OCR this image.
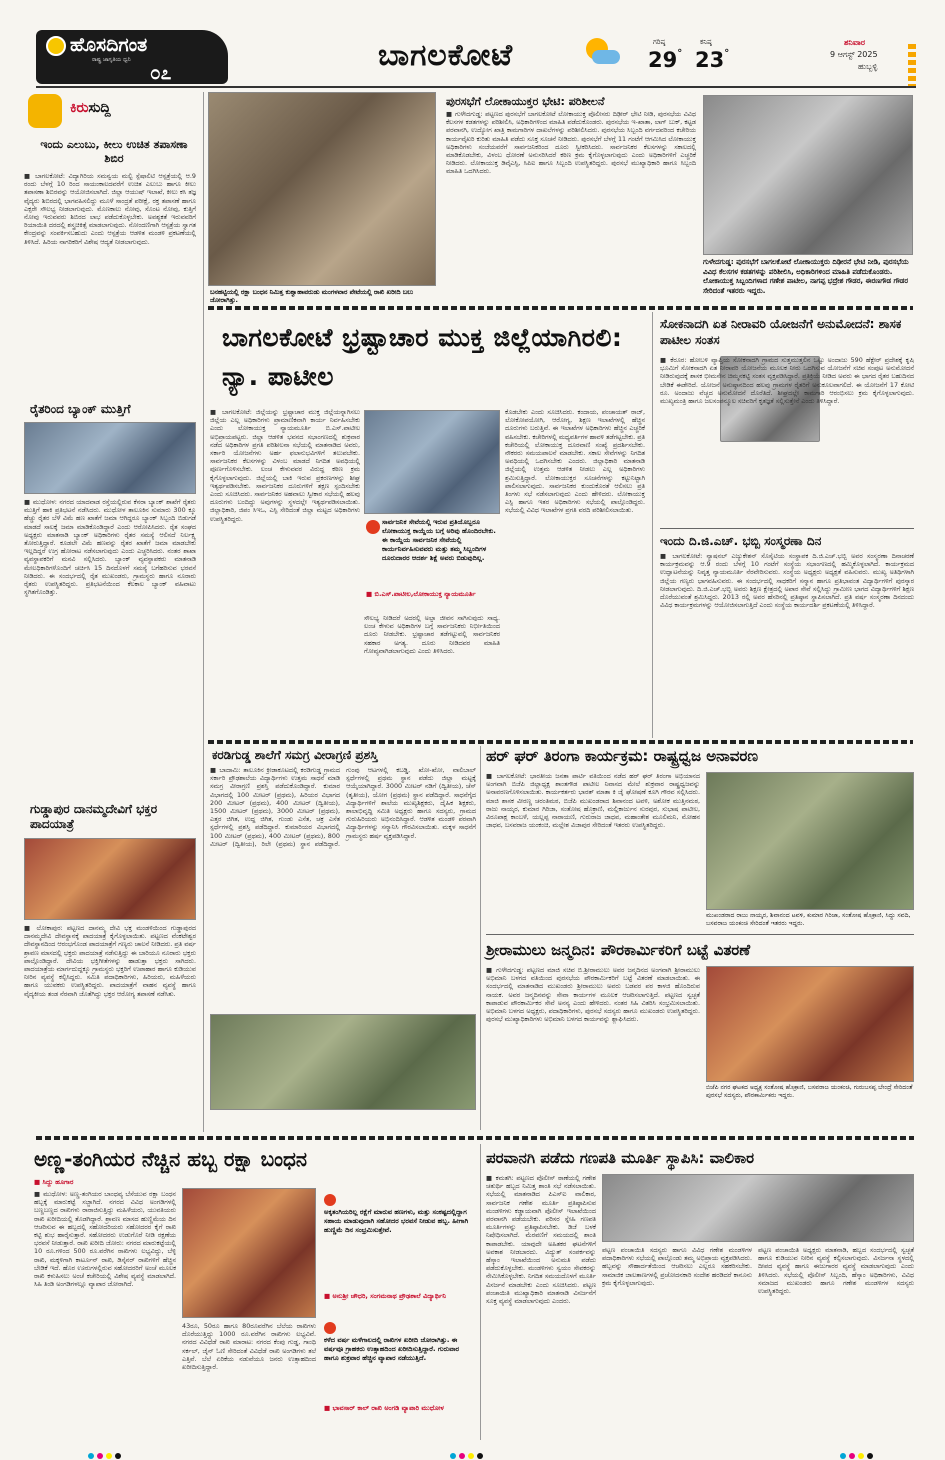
ಹೊಸದಿಗಂತ
ರಾಷ್ಟ್ರ ಜಾಗೃತಿಯ ಧ್ವನಿ
೦೭	ಬಾಗಲಕೋಟೆ	ಗರಿಷ್ಠ
29°
ಕನಿಷ್ಠ
23°
ಶನಿವಾರ
9 ಆಗಸ್ಟ್ 2025
ಹುಬ್ಬಳ್ಳಿ
ಕಿರುಸುದ್ದಿ
ಇಂದು ಎಲುಬು, ಕೀಲು ಉಚಿತ ತಪಾಸಣಾ ಶಿಬಿರ
■ ಬಾಗಲಕೋಟೆ: ವಿದ್ಯಾಗಿರಿಯ ಸಮನ್ವಯ ಮಲ್ಟಿ ಸ್ಪೆಷಾಲಿಟಿ ಆಸ್ಪತ್ರೆಯಲ್ಲಿ ಆ.9 ರಂದು ಬೆಳಗ್ಗೆ 10 ರಿಂದ ಸಾಯಂಕಾಲದವರೆಗೆ ಉಚಿತ ಎಲುಬು ಹಾಗೂ ಕೀಲು ತಪಾಸಣಾ ಶಿಬಿರವನ್ನು ಆಯೋಜಿಸಲಾಗಿದೆ. ಜಿಲ್ಲಾ ಆಯುಷ್ ಇಲಾಖೆ, ಕೀಲು ಕಸಿ ತಜ್ಞ ವೈದ್ಯರು ಶಿಬಿರದಲ್ಲಿ ಭಾಗವಹಿಸಲಿದ್ದು ಮೂಳೆ ಸಾಂದ್ರತೆ ಪರೀಕ್ಷೆ, ರಕ್ತ ತಪಾಸಣೆ ಹಾಗೂ ಎಕ್ಸರೇ ಸೌಲಭ್ಯ ನೀಡಲಾಗುವುದು. ಮೊಣಕಾಲು ನೋವು, ಸೊಂಟ ನೋವು, ಕುತ್ತಿಗೆ ನೋವು ಇರುವವರು ಶಿಬಿರದ ಲಾಭ ಪಡೆದುಕೊಳ್ಳಬೇಕು. ಅವಶ್ಯಕತೆ ಇರುವವರಿಗೆ ರಿಯಾಯಿತಿ ದರದಲ್ಲಿ ಶಸ್ತ್ರಚಿಕಿತ್ಸೆ ಮಾಡಲಾಗುವುದು. ನೋಂದಣಿಗಾಗಿ ಆಸ್ಪತ್ರೆಯ ಸ್ವಾಗತ ಕೇಂದ್ರವನ್ನು ಸಂಪರ್ಕಿಸಬಹುದು ಎಂದು ಆಸ್ಪತ್ರೆಯ ಆಡಳಿತ ಮಂಡಳಿ ಪ್ರಕಟಣೆಯಲ್ಲಿ ತಿಳಿಸಿದೆ. ಹಿರಿಯ ನಾಗರಿಕರಿಗೆ ವಿಶೇಷ ಆದ್ಯತೆ ನೀಡಲಾಗುವುದು.
ರೈತರಿಂದ ಬ್ಯಾಂಕ್ ಮುತ್ತಿಗೆ
■ ಮುಧೋಳ: ನಗರದ ಯಾದವಾಡ ರಸ್ತೆಯಲ್ಲಿರುವ ಕೆನರಾ ಬ್ಯಾಂಕ್ ಶಾಖೆಗೆ ರೈತರು ಮುತ್ತಿಗೆ ಹಾಕಿ ಪ್ರತಿಭಟನೆ ನಡೆಸಿದರು. ಮುಧೋಳ ತಾಲೂಕಿನ ಸುಮಾರು 300 ಕ್ಕೂ ಹೆಚ್ಚು ರೈತರ ಬೆಳೆ ವಿಮೆ ಹಣ ಖಾತೆಗೆ ಜಮಾ ಆಗಿದ್ದರೂ ಬ್ಯಾಂಕ್ ಸಿಬ್ಬಂದಿ ಬಿಡುಗಡೆ ಮಾಡದೆ ಸಾಲಕ್ಕೆ ಜಮಾ ಮಾಡಿಕೊಂಡಿದ್ದಾರೆ ಎಂದು ಆರೋಪಿಸಿದರು. ರೈತ ಸಂಘದ ಅಧ್ಯಕ್ಷರು ಮಾತನಾಡಿ ಬ್ಯಾಂಕ್ ಅಧಿಕಾರಿಗಳು ರೈತರ ಸಮಸ್ಯೆ ಆಲಿಸದೆ ನಿರ್ಲಕ್ಷ್ಯ ತೋರುತ್ತಿದ್ದಾರೆ. ಕೂಡಲೇ ವಿಮೆ ಹಣವನ್ನು ರೈತರ ಖಾತೆಗೆ ಜಮಾ ಮಾಡಬೇಕು ಇಲ್ಲದಿದ್ದರೆ ಉಗ್ರ ಹೋರಾಟ ನಡೆಸಲಾಗುವುದು ಎಂದು ಎಚ್ಚರಿಸಿದರು. ನಂತರ ಶಾಖಾ ವ್ಯವಸ್ಥಾಪಕರಿಗೆ ಮನವಿ ಸಲ್ಲಿಸಿದರು. ಬ್ಯಾಂಕ್ ವ್ಯವಸ್ಥಾಪಕರು ಮಾತನಾಡಿ ಮೇಲಧಿಕಾರಿಗಳೊಂದಿಗೆ ಚರ್ಚಿಸಿ 15 ದಿನದೊಳಗೆ ಸಮಸ್ಯೆ ಬಗೆಹರಿಸುವ ಭರವಸೆ ನೀಡಿದರು. ಈ ಸಂದರ್ಭದಲ್ಲಿ ರೈತ ಮುಖಂಡರು, ಗ್ರಾಮಸ್ಥರು ಹಾಗೂ ನೂರಾರು ರೈತರು ಉಪಸ್ಥಿತರಿದ್ದರು. ಪ್ರತಿಭಟನೆಯಿಂದ ಕೆಲಕಾಲ ಬ್ಯಾಂಕ್ ವಹಿವಾಟು ಸ್ಥಗಿತಗೊಂಡಿತ್ತು.
ಗುಡ್ಡಾಪುರ ದಾನಮ್ಮದೇವಿಗೆ ಭಕ್ತರ ಪಾದಯಾತ್ರೆ
■ ಲೋಕಾಪುರ: ಪಟ್ಟಣದ ದಾನಮ್ಮ ದೇವಿ ಭಕ್ತ ಮಂಡಳಿಯಿಂದ ಗುಡ್ಡಾಪುರದ ದಾನಮ್ಮದೇವಿ ದೇವಸ್ಥಾನಕ್ಕೆ ಪಾದಯಾತ್ರೆ ಕೈಗೊಳ್ಳಲಾಯಿತು. ಪಟ್ಟಣದ ವೆಂಕಟೇಶ್ವರ ದೇವಸ್ಥಾನದಿಂದ ಆರಂಭಗೊಂಡ ಪಾದಯಾತ್ರೆಗೆ ಗಣ್ಯರು ಚಾಲನೆ ನೀಡಿದರು. ಪ್ರತಿ ವರ್ಷ ಶ್ರಾವಣ ಮಾಸದಲ್ಲಿ ಭಕ್ತರು ಪಾದಯಾತ್ರೆ ನಡೆಸುತ್ತಿದ್ದು ಈ ಬಾರಿಯೂ ನೂರಾರು ಭಕ್ತರು ಪಾಲ್ಗೊಂಡಿದ್ದಾರೆ. ದೇವಿಯ ಭಕ್ತಿಗೀತೆಗಳನ್ನು ಹಾಡುತ್ತಾ ಭಕ್ತರು ಸಾಗಿದರು. ಪಾದಯಾತ್ರೆಯ ಮಾರ್ಗದುದ್ದಕ್ಕೂ ಗ್ರಾಮಸ್ಥರು ಭಕ್ತರಿಗೆ ಉಪಾಹಾರ ಹಾಗೂ ಕುಡಿಯುವ ನೀರಿನ ವ್ಯವಸ್ಥೆ ಕಲ್ಪಿಸಿದ್ದರು. ಸಮಿತಿ ಪದಾಧಿಕಾರಿಗಳು, ಹಿರಿಯರು, ಮಹಿಳೆಯರು ಹಾಗೂ ಯುವಕರು ಉಪಸ್ಥಿತರಿದ್ದರು. ಪಾದಯಾತ್ರೆಗೆ ವಾಹನ ವ್ಯವಸ್ಥೆ ಹಾಗೂ ವೈದ್ಯಕೀಯ ತಂಡ ನೆರವಾಗಿ ಜೊತೆಗಿದ್ದು ಭಕ್ತರ ಆರೋಗ್ಯ ತಪಾಸಣೆ ನಡೆಸಿತು.
ಬನಹಟ್ಟಿಯಲ್ಲಿ ರಕ್ಷಾ ಬಂಧನ ನಿಮಿತ್ತ ಕುಶ್ವಾಹಾವರುಡು ಮಂಗಳವಾರ ಪೇಟೆಯಲ್ಲಿ ರಾಖಿ ಖರೀದಿ ಬಲು ಜೋರಾಗಿತ್ತು.
ಪುರಸಭೆಗೆ ಲೋಕಾಯುಕ್ತರ ಭೇಟಿ: ಪರಿಶೀಲನೆ
■ ಗುಳೇದಗುಡ್ಡ: ಪಟ್ಟಣದ ಪುರಸಭೆಗೆ ಬಾಗಲಕೋಟೆ ಲೋಕಾಯುಕ್ತ ಪೊಲೀಸರು ದಿಢೀರ್ ಭೇಟಿ ನೀಡಿ, ಪುರಸಭೆಯ ವಿವಿಧ ಕೆಲಸಗಳ ಕಡತಗಳನ್ನು ಪರಿಶೀಲಿಸಿ, ಅಧಿಕಾರಿಗಳಿಂದ ಮಾಹಿತಿ ಪಡೆದುಕೊಂಡರು. ಪುರಸಭೆಯ ಇ-ಖಾತಾ, ಲಾಗ್ ಬುಕ್, ಕಟ್ಟಡ ಪರವಾನಗಿ, ಉದ್ಯೋಗ ಖಾತ್ರಿ ಕಾಮಗಾರಿಗಳ ದಾಖಲೆಗಳನ್ನು ಪರಿಶೀಲಿಸಿದರು. ಪುರಸಭೆಯ ಸಿಬ್ಬಂದಿ ವರ್ಗದವರಿಂದ ಕಚೇರಿಯ ಕಾರ್ಯವೈಖರಿ ಕುರಿತು ಮಾಹಿತಿ ಪಡೆದು ಸೂಕ್ತ ಸೂಚನೆ ನೀಡಿದರು. ಪುರಸಭೆಗೆ ಬೆಳಗ್ಗೆ 11 ಗಂಟೆಗೆ ಆಗಮಿಸಿದ ಲೋಕಾಯುಕ್ತ ಅಧಿಕಾರಿಗಳು ಸಂಜೆಯವರೆಗೆ ಸಾರ್ವಜನಿಕರಿಂದ ದೂರು ಸ್ವೀಕರಿಸಿದರು. ಸಾರ್ವಜನಿಕರ ಕೆಲಸಗಳನ್ನು ಸಕಾಲದಲ್ಲಿ ಮಾಡಿಕೊಡಬೇಕು, ವಿಳಂಬ ಧೋರಣೆ ಅನುಸರಿಸಿದರೆ ಕಠಿಣ ಕ್ರಮ ಕೈಗೊಳ್ಳಲಾಗುವುದು ಎಂದು ಅಧಿಕಾರಿಗಳಿಗೆ ಎಚ್ಚರಿಕೆ ನೀಡಿದರು. ಲೋಕಾಯುಕ್ತ ಡಿವೈಎಸ್ಪಿ, ಸಿಪಿಐ ಹಾಗೂ ಸಿಬ್ಬಂದಿ ಉಪಸ್ಥಿತರಿದ್ದರು. ಪುರಸಭೆ ಮುಖ್ಯಾಧಿಕಾರಿ ಹಾಗೂ ಸಿಬ್ಬಂದಿ ಮಾಹಿತಿ ಒದಗಿಸಿದರು.
ಗುಳೇದಗುಡ್ಡ: ಪುರಸಭೆಗೆ ಬಾಗಲಕೋಟೆ ಲೋಕಾಯುಕ್ತರು ದಿಢೀರನೆ ಭೇಟಿ ನೀಡಿ, ಪುರಸಭೆಯ ವಿವಿಧ ಕೆಲಸಗಳ ಕಡತಗಳನ್ನು ಪರಿಶೀಲಿಸಿ, ಅಧಿಕಾರಿಗಳಿಂದ ಮಾಹಿತಿ ಪಡೆದುಕೊಂಡರು. ಲೋಕಾಯುಕ್ತ ಸಿಬ್ಬಂದಿಗಳಾದ ಗಣೇಶ ಪಾಟೀಲ, ನಾಗಪ್ಪ ಭದ್ರೇಶ ಗೌಡರ, ಈರಣಗೌಡ ಗೌಡರ ಸೇರಿದಂತೆ ಇತರರು ಇದ್ದರು.
ಬಾಗಲಕೋಟೆ ಭ್ರಷ್ಟಾಚಾರ ಮುಕ್ತ ಜಿಲ್ಲೆಯಾಗಿರಲಿ: ನ್ಯಾ. ಪಾಟೀಲ
■ ಬಾಗಲಕೋಟೆ: ಜಿಲ್ಲೆಯನ್ನು ಭ್ರಷ್ಟಾಚಾರ ಮುಕ್ತ ಜಿಲ್ಲೆಯನ್ನಾಗಿಸಲು ಜಿಲ್ಲೆಯ ಎಲ್ಲ ಅಧಿಕಾರಿಗಳು ಪ್ರಾಮಾಣಿಕವಾಗಿ ಕಾರ್ಯ ನಿರ್ವಹಿಸಬೇಕು ಎಂದು ಲೋಕಾಯುಕ್ತ ನ್ಯಾಯಮೂರ್ತಿ ಬಿ.ಎಸ್.ಪಾಟೀಲ ಅಭಿಪ್ರಾಯಪಟ್ಟರು. ಜಿಲ್ಲಾ ಆಡಳಿತ ಭವನದ ಸಭಾಂಗಣದಲ್ಲಿ ಶುಕ್ರವಾರ ನಡೆದ ಅಧಿಕಾರಿಗಳ ಪ್ರಗತಿ ಪರಿಶೀಲನಾ ಸಭೆಯಲ್ಲಿ ಮಾತನಾಡಿದ ಅವರು, ಸರ್ಕಾರಿ ಯೋಜನೆಗಳು ಅರ್ಹ ಫಲಾನುಭವಿಗಳಿಗೆ ತಲುಪಬೇಕು. ಸಾರ್ವಜನಿಕರ ಕೆಲಸಗಳನ್ನು ವಿಳಂಬ ಮಾಡದೆ ನಿಗದಿತ ಅವಧಿಯಲ್ಲಿ ಪೂರ್ಣಗೊಳಿಸಬೇಕು. ಲಂಚ ಕೇಳುವವರ ವಿರುದ್ಧ ಕಠಿಣ ಕ್ರಮ ಕೈಗೊಳ್ಳಲಾಗುವುದು. ಜಿಲ್ಲೆಯಲ್ಲಿ ಬಾಕಿ ಇರುವ ಪ್ರಕರಣಗಳನ್ನು ಶೀಘ್ರ ಇತ್ಯರ್ಥಪಡಿಸಬೇಕು. ಸಾರ್ವಜನಿಕರ ದೂರುಗಳಿಗೆ ತಕ್ಷಣ ಸ್ಪಂದಿಸಬೇಕು ಎಂದು ಸೂಚಿಸಿದರು. ಸಾರ್ವಜನಿಕರ ಅಹವಾಲು ಸ್ವೀಕಾರ ಸಭೆಯಲ್ಲಿ ಹಲವು ದೂರುಗಳು ಬಂದಿದ್ದು ಅವುಗಳನ್ನು ಸ್ಥಳದಲ್ಲೇ ಇತ್ಯರ್ಥಪಡಿಸಲಾಯಿತು. ಜಿಲ್ಲಾಧಿಕಾರಿ, ಜಿಪಂ ಸಿಇಒ, ಎಸ್ಪಿ ಸೇರಿದಂತೆ ಜಿಲ್ಲಾ ಮಟ್ಟದ ಅಧಿಕಾರಿಗಳು ಉಪಸ್ಥಿತರಿದ್ದರು.	ಸಾರ್ವಜನಿಕ ಸೇವೆಯಲ್ಲಿ ಇರುವ ಪ್ರತಿಯೊಬ್ಬರೂ ಲೋಕಾಯುಕ್ತ ಕಾಯ್ದೆಯ ಬಗ್ಗೆ ಅರಿವು ಹೊಂದಿರಬೇಕು. ಈ ಕಾಯ್ದೆಯ ಸಾರ್ವಜನಿಕ ಸೇವೆಯಲ್ಲಿ ಕಾರ್ಯನಿರ್ವಹಿಸುವವರು ಮತ್ತು ತಮ್ಮ ಸಿಬ್ಬಂದಿಗಳ ದೂರುದಾರರ ಆದರ್ಶ ಶಿಕ್ಷೆ ಅವರು ಬಿಡುವುದಿಲ್ಲ.
■ ಬಿ.ಎಸ್.ಪಾಟೀಲ,ಲೋಕಾಯುಕ್ತ ನ್ಯಾಯಮೂರ್ತಿ
ಸೌಲಭ್ಯ ನೀಡಿದರೆ ಅದರಲ್ಲಿ ಅಲ್ಪಾ ಜೀವನ ಸಾಗಿಸುವುದು ಸಾಧ್ಯ. ಲಂಚ ಕೇಳುವ ಅಧಿಕಾರಿಗಳ ಬಗ್ಗೆ ಸಾರ್ವಜನಿಕರು ನಿರ್ಭೀತಿಯಿಂದ ದೂರು ನೀಡಬೇಕು. ಭ್ರಷ್ಟಾಚಾರ ತಡೆಗಟ್ಟುವಲ್ಲಿ ಸಾರ್ವಜನಿಕರ ಸಹಕಾರ ಅಗತ್ಯ. ದೂರು ನೀಡಿದವರ ಮಾಹಿತಿ ಗೋಪ್ಯವಾಗಿಡಲಾಗುವುದು ಎಂದು ತಿಳಿಸಿದರು.
ಕೊಡಬೇಕು ಎಂದು ಸೂಚಿಸಿದರು. ಕಂದಾಯ, ಪಂಚಾಯತ್ ರಾಜ್, ಲೋಕೋಪಯೋಗಿ, ಆರೋಗ್ಯ, ಶಿಕ್ಷಣ ಇಲಾಖೆಗಳಲ್ಲಿ ಹೆಚ್ಚಿನ ದೂರುಗಳು ಬರುತ್ತಿವೆ. ಈ ಇಲಾಖೆಗಳ ಅಧಿಕಾರಿಗಳು ಹೆಚ್ಚಿನ ಎಚ್ಚರಿಕೆ ವಹಿಸಬೇಕು. ಕಚೇರಿಗಳಲ್ಲಿ ಮಧ್ಯವರ್ತಿಗಳ ಹಾವಳಿ ತಡೆಗಟ್ಟಬೇಕು. ಪ್ರತಿ ಕಚೇರಿಯಲ್ಲಿ ಲೋಕಾಯುಕ್ತ ದೂರವಾಣಿ ಸಂಖ್ಯೆ ಪ್ರದರ್ಶಿಸಬೇಕು. ನೌಕರರು ಸಮಯಪಾಲನೆ ಮಾಡಬೇಕು. ಸಕಾಲ ಸೇವೆಗಳನ್ನು ನಿಗದಿತ ಅವಧಿಯಲ್ಲಿ ಒದಗಿಸಬೇಕು ಎಂದರು. ಜಿಲ್ಲಾಧಿಕಾರಿ ಮಾತನಾಡಿ ಜಿಲ್ಲೆಯಲ್ಲಿ ಉತ್ತಮ ಆಡಳಿತ ನೀಡಲು ಎಲ್ಲ ಅಧಿಕಾರಿಗಳು ಶ್ರಮಿಸುತ್ತಿದ್ದಾರೆ. ಲೋಕಾಯುಕ್ತರ ಸೂಚನೆಗಳನ್ನು ಕಟ್ಟುನಿಟ್ಟಾಗಿ ಪಾಲಿಸಲಾಗುವುದು. ಸಾರ್ವಜನಿಕರ ಕುಂದುಕೊರತೆ ಆಲಿಸಲು ಪ್ರತಿ ತಿಂಗಳು ಸಭೆ ನಡೆಸಲಾಗುವುದು ಎಂದು ಹೇಳಿದರು. ಲೋಕಾಯುಕ್ತ ಎಸ್ಪಿ ಹಾಗೂ ಇತರ ಅಧಿಕಾರಿಗಳು ಸಭೆಯಲ್ಲಿ ಪಾಲ್ಗೊಂಡಿದ್ದರು. ಸಭೆಯಲ್ಲಿ ವಿವಿಧ ಇಲಾಖೆಗಳ ಪ್ರಗತಿ ವರದಿ ಪರಿಶೀಲಿಸಲಾಯಿತು.
ಸೋಕನಾದಗಿ ಏತ ನೀರಾವರಿ ಯೋಜನೆಗೆ ಅನುಮೋದನೆ: ಶಾಸಕ ಪಾಟೀಲ ಸಂತಸ
■ ಕೆರೂರ: ಹೋಬಳಿ ವ್ಯಾಪ್ತಿಯ ಸೋಕನಾದಗಿ ಗ್ರಾಮದ ಸುತ್ತಮುತ್ತಲಿನ ಒಟ್ಟು ಅಂದಾಜು 590 ಹೆಕ್ಟೇರ್ ಪ್ರದೇಶಕ್ಕೆ ಕೃಷಿ ಭೂಮಿಗೆ ಸೋಕನಾದಗಿ ಏತ ನೀರಾವರಿ ಯೋಜನೆಯ ಮೂಲಕ ನೀರು ಒದಗಿಸುವ ಯೋಜನೆಗೆ ಸಚಿವ ಸಂಪುಟ ಅನುಮೋದನೆ ನೀಡಿರುವುದಕ್ಕೆ ಶಾಸಕ ಭೀಮಸೇನ ಚಿಮ್ಮನಕಟ್ಟಿ ಸಂತಸ ವ್ಯಕ್ತಪಡಿಸಿದ್ದಾರೆ. ಪ್ರತಿಕ್ರಿಯೆ ನೀಡಿದ ಅವರು ಈ ಭಾಗದ ರೈತರ ಬಹುದಿನದ ಬೇಡಿಕೆ ಈಡೇರಿದೆ. ಯೋಜನೆ ಅನುಷ್ಠಾನದಿಂದ ಹಲವು ಗ್ರಾಮಗಳ ರೈತರಿಗೆ ಅನುಕೂಲವಾಗಲಿದೆ. ಈ ಯೋಜನೆಗೆ 17 ಕೋಟಿ ರೂ. ಅಂದಾಜು ವೆಚ್ಚದ ಅನುಮೋದನೆ ದೊರೆತಿದೆ. ಶೀಘ್ರದಲ್ಲೇ ಕಾಮಗಾರಿ ಆರಂಭಿಸಲು ಕ್ರಮ ಕೈಗೊಳ್ಳಲಾಗುವುದು. ಮುಖ್ಯಮಂತ್ರಿ ಹಾಗೂ ಜಲಸಂಪನ್ಮೂಲ ಸಚಿವರಿಗೆ ಕೃತಜ್ಞತೆ ಸಲ್ಲಿಸುತ್ತೇನೆ ಎಂದು ತಿಳಿಸಿದ್ದಾರೆ.
ಇಂದು ದಿ.ಜಿ.ಎಚ್. ಭಬ್ಬಿ ಸಂಸ್ಮರಣಾ ದಿನ
■ ಬಾಗಲಕೋಟೆ: ನ್ಯಾಷನಲ್ ಎಜ್ಯುಕೇಶನ್ ಸೊಸೈಟಿಯ ಸಂಸ್ಥಾಪಕ ದಿ.ಜಿ.ಎಚ್.ಭಬ್ಬಿ ಅವರ ಸಂಸ್ಮರಣಾ ದಿನಾಚರಣೆ ಕಾರ್ಯಕ್ರಮವನ್ನು ಆ.9 ರಂದು ಬೆಳಗ್ಗೆ 10 ಗಂಟೆಗೆ ಸಂಸ್ಥೆಯ ಸಭಾಂಗಣದಲ್ಲಿ ಹಮ್ಮಿಕೊಳ್ಳಲಾಗಿದೆ. ಕಾರ್ಯಕ್ರಮದ ಉದ್ಘಾಟನೆಯನ್ನು ನಿವೃತ್ತ ನ್ಯಾಯಮೂರ್ತಿ ನೆರವೇರಿಸುವರು. ಸಂಸ್ಥೆಯ ಅಧ್ಯಕ್ಷರು ಅಧ್ಯಕ್ಷತೆ ವಹಿಸುವರು. ಮುಖ್ಯ ಅತಿಥಿಗಳಾಗಿ ಜಿಲ್ಲೆಯ ಗಣ್ಯರು ಭಾಗವಹಿಸುವರು. ಈ ಸಂದರ್ಭದಲ್ಲಿ ಸಾಧಕರಿಗೆ ಸನ್ಮಾನ ಹಾಗೂ ಪ್ರತಿಭಾವಂತ ವಿದ್ಯಾರ್ಥಿಗಳಿಗೆ ಪುರಸ್ಕಾರ ನೀಡಲಾಗುವುದು. ದಿ.ಜಿ.ಎಚ್.ಭಬ್ಬಿ ಅವರು ಶಿಕ್ಷಣ ಕ್ಷೇತ್ರದಲ್ಲಿ ಅಪಾರ ಸೇವೆ ಸಲ್ಲಿಸಿದ್ದು ಗ್ರಾಮೀಣ ಭಾಗದ ವಿದ್ಯಾರ್ಥಿಗಳಿಗೆ ಶಿಕ್ಷಣ ದೊರೆಯುವಂತೆ ಶ್ರಮಿಸಿದ್ದರು. 2013 ರಲ್ಲಿ ಅವರ ಹೆಸರಿನಲ್ಲಿ ಪ್ರತಿಷ್ಠಾನ ಸ್ಥಾಪಿಸಲಾಗಿದೆ. ಪ್ರತಿ ವರ್ಷ ಸಂಸ್ಮರಣಾ ದಿನದಂದು ವಿವಿಧ ಕಾರ್ಯಕ್ರಮಗಳನ್ನು ಆಯೋಜಿಸಲಾಗುತ್ತಿದೆ ಎಂದು ಸಂಸ್ಥೆಯ ಕಾರ್ಯದರ್ಶಿ ಪ್ರಕಟಣೆಯಲ್ಲಿ ತಿಳಿಸಿದ್ದಾರೆ.
ಕರಡಿಗುಡ್ಡ ಶಾಲೆಗೆ ಸಮಗ್ರ ವೀರಾಗ್ರಣಿ ಪ್ರಶಸ್ತಿ
■ ಬಾದಾಮಿ: ತಾಲೂಕಿನ ಕ್ರೀಡಾಕೂಟದಲ್ಲಿ ಕರಡಿಗುಡ್ಡ ಗ್ರಾಮದ ಸರ್ಕಾರಿ ಪ್ರೌಢಶಾಲೆಯ ವಿದ್ಯಾರ್ಥಿಗಳು ಉತ್ತಮ ಸಾಧನೆ ಮಾಡಿ ಸಮಗ್ರ ವೀರಾಗ್ರಣಿ ಪ್ರಶಸ್ತಿ ಪಡೆದುಕೊಂಡಿದ್ದಾರೆ. ಕುಮಾರ ವಿಭಾಗದಲ್ಲಿ 100 ಮೀಟರ್ (ಪ್ರಥಮ), ಹಿರಿಯರ ವಿಭಾಗದ 200 ಮೀಟರ್ (ಪ್ರಥಮ), 400 ಮೀಟರ್ (ದ್ವಿತೀಯ), 1500 ಮೀಟರ್ (ಪ್ರಥಮ), 3000 ಮೀಟರ್ (ಪ್ರಥಮ), ಎತ್ತರ ಜಿಗಿತ, ಉದ್ದ ಜಿಗಿತ, ಗುಂಡು ಎಸೆತ, ಚಕ್ರ ಎಸೆತ ಸ್ಪರ್ಧೆಗಳಲ್ಲಿ ಪ್ರಶಸ್ತಿ ಪಡೆದಿದ್ದಾರೆ. ಕುಮಾರಿಯರ ವಿಭಾಗದಲ್ಲಿ 100 ಮೀಟರ್ (ಪ್ರಥಮ), 400 ಮೀಟರ್ (ಪ್ರಥಮ), 800 ಮೀಟರ್ (ದ್ವಿತೀಯ), ರಿಲೇ (ಪ್ರಥಮ) ಸ್ಥಾನ ಪಡೆದಿದ್ದಾರೆ. ಗುಂಪು ಆಟಗಳಲ್ಲಿ ಕಬಡ್ಡಿ, ಖೋ-ಖೋ, ವಾಲಿಬಾಲ್ ಸ್ಪರ್ಧೆಗಳಲ್ಲಿ ಪ್ರಥಮ ಸ್ಥಾನ ಪಡೆದು ಜಿಲ್ಲಾ ಮಟ್ಟಕ್ಕೆ ಆಯ್ಕೆಯಾಗಿದ್ದಾರೆ. 3000 ಮೀಟರ್ ನಡಿಗೆ (ದ್ವಿತೀಯ), ಚೆಸ್ (ತೃತೀಯ), ಯೋಗ (ಪ್ರಥಮ) ಸ್ಥಾನ ಪಡೆದಿದ್ದಾರೆ. ಸಾಧನೆಗೈದ ವಿದ್ಯಾರ್ಥಿಗಳಿಗೆ ಶಾಲೆಯ ಮುಖ್ಯಶಿಕ್ಷಕರು, ದೈಹಿಕ ಶಿಕ್ಷಕರು, ಶಾಲಾಭಿವೃದ್ಧಿ ಸಮಿತಿ ಅಧ್ಯಕ್ಷರು ಹಾಗೂ ಸದಸ್ಯರು, ಗ್ರಾಮದ ಗುರುಹಿರಿಯರು ಅಭಿನಂದಿಸಿದ್ದಾರೆ. ಆಡಳಿತ ಮಂಡಳಿ ಪರವಾಗಿ ವಿದ್ಯಾರ್ಥಿಗಳನ್ನು ಸನ್ಮಾನಿಸಿ ಗೌರವಿಸಲಾಯಿತು. ಮಕ್ಕಳ ಸಾಧನೆಗೆ ಗ್ರಾಮಸ್ಥರು ಹರ್ಷ ವ್ಯಕ್ತಪಡಿಸಿದ್ದಾರೆ.
ಹರ್ ಘರ್ ತಿರಂಗಾ ಕಾರ್ಯಕ್ರಮ: ರಾಷ್ಟ್ರಧ್ವಜ ಅನಾವರಣ
■ ಬಾಗಲಕೋಟೆ: ಭಾರತೀಯ ಜನತಾ ಪಾರ್ಟಿ ವತಿಯಿಂದ ನಡೆದ ಹರ್ ಘರ್ ತಿರಂಗಾ ಅಭಿಯಾನದ ಅಂಗವಾಗಿ ಬಿಜೆಪಿ ಜಿಲ್ಲಾಧ್ಯಕ್ಷ ಶಾಂತಗೌಡ ಪಾಟೀಲ ನಿವಾಸದ ಮೇಲೆ ಶುಕ್ರವಾರ ರಾಷ್ಟ್ರಧ್ವಜವನ್ನು ಅನಾವರಣಗೊಳಿಸಲಾಯಿತು. ಕಾರ್ಯಕರ್ತರು ಭಾರತ್ ಮಾತಾ ಕಿ ಜೈ ಘೋಷಣೆ ಕೂಗಿ ಗೌರವ ಸಲ್ಲಿಸಿದರು. ಮಾಜಿ ಶಾಸಕ ವೀರಣ್ಣ ಚರಂತಿಮಠ, ಬಿಜೆಪಿ ಮುಖಂಡರಾದ ಶಿವಾನಂದ ಟವಳಿ, ಅಶೋಕ ಮುತ್ತಿನಮಠ, ರಾಜು ನಾಯ್ಕರ, ಕುಮಾರ ಗಿರಿಜಾ, ಸಂತೋಷ ಹೊಕ್ರಾಣಿ, ಮಲ್ಲಿಕಾರ್ಜುನ ಸುರಪುರ, ಸುಭಾಷ ಪಾಟೀಲ, ವಿರೂಪಾಕ್ಷ ಕಾಂಬಳೆ, ಯಲ್ಲಪ್ಪ ನಾರಾಯಣಿ, ಗುರುರಾಜ ಜಾಧವ, ಮಹಾಂತೇಶ ಮೂಲಿಮನಿ, ಮೋಹನ ಜಾಧವ, ಬಸವರಾಜ ಯಂಕಂಚಿ, ಮಲ್ಲೇಶ ವಿಜಾಪುರ ಸೇರಿದಂತೆ ಇತರರು ಉಪಸ್ಥಿತರಿದ್ದರು.
ಮುಖಂಡರಾದ ರಾಜು ನಾಯ್ಕರ, ಶಿವಾನಂದ ಟವಳಿ, ಕುಮಾರ ಗಿರಿಜಾ, ಸಂತೋಷ ಹೊಕ್ರಾಣಿ, ಸಿದ್ದು ಸವದಿ, ಬಸವರಾಜ ಯಂಕಂಚಿ ಸೇರಿದಂತೆ ಇತರರು ಇದ್ದರು.
ಶ್ರೀರಾಮುಲು ಜನ್ಮದಿನ: ಪೌರಕಾರ್ಮಿಕರಿಗೆ ಬಟ್ಟೆ ವಿತರಣೆ
■ ಗುಳೇದಗುಡ್ಡ: ಪಟ್ಟಣದ ಮಾಜಿ ಸಚಿವ ಬಿ.ಶ್ರೀರಾಮುಲು ಅವರ ಜನ್ಮದಿನದ ಅಂಗವಾಗಿ ಶ್ರೀರಾಮುಲು ಅಭಿಮಾನಿ ಬಳಗದ ವತಿಯಿಂದ ಪುರಸಭೆಯ ಪೌರಕಾರ್ಮಿಕರಿಗೆ ಬಟ್ಟೆ ವಿತರಣೆ ಮಾಡಲಾಯಿತು. ಈ ಸಂದರ್ಭದಲ್ಲಿ ಮಾತನಾಡಿದ ಮುಖಂಡರು ಶ್ರೀರಾಮುಲು ಅವರು ಬಡವರ ಪರ ಕಾಳಜಿ ಹೊಂದಿರುವ ನಾಯಕ. ಅವರ ಜನ್ಮದಿನವನ್ನು ಸೇವಾ ಕಾರ್ಯಗಳ ಮೂಲಕ ಆಚರಿಸಲಾಗುತ್ತಿದೆ. ಪಟ್ಟಣದ ಸ್ವಚ್ಛತೆ ಕಾಪಾಡುವ ಪೌರಕಾರ್ಮಿಕರ ಸೇವೆ ಅನನ್ಯ ಎಂದು ಹೇಳಿದರು. ನಂತರ ಸಿಹಿ ವಿತರಿಸಿ ಸಂಭ್ರಮಿಸಲಾಯಿತು. ಅಭಿಮಾನಿ ಬಳಗದ ಅಧ್ಯಕ್ಷರು, ಪದಾಧಿಕಾರಿಗಳು, ಪುರಸಭೆ ಸದಸ್ಯರು ಹಾಗೂ ಮುಖಂಡರು ಉಪಸ್ಥಿತರಿದ್ದರು. ಪುರಸಭೆ ಮುಖ್ಯಾಧಿಕಾರಿಗಳು ಅಭಿಮಾನಿ ಬಳಗದ ಕಾರ್ಯವನ್ನು ಶ್ಲಾಘಿಸಿದರು.
ಬಿಜೆಪಿ ನಗರ ಘಟಕದ ಅಧ್ಯಕ್ಷ ಸಂತೋಷ ಹೊಕ್ರಾಣಿ, ಬಸವರಾಜ ಯಂಕಂಚಿ, ಗುರುಬಸಪ್ಪ ಬೇಂದ್ರೆ ಸೇರಿದಂತೆ ಪುರಸಭೆ ಸದಸ್ಯರು, ಪೌರಕಾರ್ಮಿಕರು ಇದ್ದರು.
ಅಣ್ಣ-ತಂಗಿಯರ ನೆಚ್ಚಿನ ಹಬ್ಬ ರಕ್ಷಾ ಬಂಧನ
■ ಸಿದ್ದು ಹೂಗಾರ
■ ಮುಧೋಳ: ಅಣ್ಣ-ತಂಗಿಯರ ಬಾಂಧವ್ಯ ಬೆಸೆಯುವ ರಕ್ಷಾ ಬಂಧನ ಹಬ್ಬಕ್ಕೆ ಮಾರುಕಟ್ಟೆ ಸಜ್ಜಾಗಿದೆ. ನಗರದ ವಿವಿಧ ಅಂಗಡಿಗಳಲ್ಲಿ ಬಣ್ಣಬಣ್ಣದ ರಾಖಿಗಳು ರಾರಾಜಿಸುತ್ತಿದ್ದು ಮಹಿಳೆಯರು, ಯುವತಿಯರು ರಾಖಿ ಖರೀದಿಯಲ್ಲಿ ತೊಡಗಿದ್ದಾರೆ. ಶ್ರಾವಣ ಮಾಸದ ಹುಣ್ಣಿಮೆಯ ದಿನ ಆಚರಿಸುವ ಈ ಹಬ್ಬದಲ್ಲಿ ಸಹೋದರಿಯರು ಸಹೋದರರ ಕೈಗೆ ರಾಖಿ ಕಟ್ಟಿ ಶುಭ ಹಾರೈಸುತ್ತಾರೆ. ಸಹೋದರರು ಉಡುಗೊರೆ ನೀಡಿ ರಕ್ಷಣೆಯ ಭರವಸೆ ನೀಡುತ್ತಾರೆ. ರಾಖಿ ಖರೀದಿ ಜೋರು: ನಗರದ ಮಾರುಕಟ್ಟೆಯಲ್ಲಿ 10 ರೂ.ಗಳಿಂದ 500 ರೂ.ವರೆಗಿನ ರಾಖಿಗಳು ಲಭ್ಯವಿದ್ದು, ಬೆಳ್ಳಿ ರಾಖಿ, ಮಕ್ಕಳಿಗಾಗಿ ಕಾರ್ಟೂನ್ ರಾಖಿ, ಡಿಸೈನರ್ ರಾಖಿಗಳಿಗೆ ಹೆಚ್ಚಿನ ಬೇಡಿಕೆ ಇದೆ. ಹೊರ ಊರುಗಳಲ್ಲಿರುವ ಸಹೋದರರಿಗೆ ಅಂಚೆ ಮೂಲಕ ರಾಖಿ ಕಳುಹಿಸಲು ಅಂಚೆ ಕಚೇರಿಯಲ್ಲಿ ವಿಶೇಷ ವ್ಯವಸ್ಥೆ ಮಾಡಲಾಗಿದೆ. ಸಿಹಿ ತಿಂಡಿ ಅಂಗಡಿಗಳಲ್ಲೂ ವ್ಯಾಪಾರ ಜೋರಾಗಿದೆ.
43ರೂ, 50ರೂ ಹಾಗೂ 80ರೂವರೆಗಿನ ಬೆಲೆಯ ರಾಖಿಗಳು ದೊರೆಯುತ್ತಿದ್ದು 1000 ರೂ.ವರೆಗಿನ ರಾಖಿಗಳು ಲಭ್ಯವಿವೆ. ನಗರದ ವಿವಿಧೆಡೆ ರಾಖಿ ಮಾರಾಟ: ನಗರದ ಕೆಂಪು ಗುಡ್ಡ, ಗಾಂಧಿ ಸರ್ಕಲ್, ಜೈನ್ ಓಣಿ ಸೇರಿದಂತೆ ವಿವಿಧೆಡೆ ರಾಖಿ ಅಂಗಡಿಗಳು ತಲೆ ಎತ್ತಿವೆ. ಬೆಲೆ ಏರಿಕೆಯ ನಡುವೆಯೂ ಜನರು ಉತ್ಸಾಹದಿಂದ ಖರೀದಿಸುತ್ತಿದ್ದಾರೆ.
ಅಕ್ಕತಂಗಿಯರಿಲ್ಲ ರಕ್ಷೆಗೆ ಮಾರುವ ಹಣಗಳು, ಮತ್ತು ಸಂಕಷ್ಟದಲ್ಲಿದ್ದಾಗ ಸಹಾಯ ಮಾಡುವುದಾಗಿ ಸಹೋದರ ಭರವಸೆ ನೀಡುವ ಹಬ್ಬ. ಹೀಗಾಗಿ ಹುಣ್ಣಿಮೆ ದಿನ ಸಂಭ್ರಮಿಸುತ್ತೇವೆ.
■ ಅನುಶ್ರೀ ಚೌಧರಿ, ಸಂಗಮನಾಥ ಪ್ರೌಢಶಾಲೆ ವಿದ್ಯಾರ್ಥಿನಿ
ಕಳೆದ ವರ್ಷ ಮಳೆಗಾಲದಲ್ಲಿ ರಾಖಿಗಳ ಖರೀದಿ ಜೋರಾಗಿತ್ತು. ಈ ವರ್ಷವೂ ಗ್ರಾಹಕರು ಉತ್ಸಾಹದಿಂದ ಖರೀದಿಸುತ್ತಿದ್ದಾರೆ. ಗುರುವಾರ ಹಾಗೂ ಶುಕ್ರವಾರ ಹೆಚ್ಚಿನ ವ್ಯಾಪಾರ ನಡೆಯುತ್ತಿದೆ.
■ ಭಾವಸಾರ್ ಕಾಲ್ ರಾಖಿ ಅಂಗಡಿ ವ್ಯಾಪಾರಿ ಮುಧೋಳ
ಪರವಾನಗಿ ಪಡೆದು ಗಣಪತಿ ಮೂರ್ತಿ ಸ್ಥಾಪಿಸಿ: ವಾಲಿಕಾರ
■ ಕಮತಗಿ: ಪಟ್ಟಣದ ಪೊಲೀಸ್ ಠಾಣೆಯಲ್ಲಿ ಗಣೇಶ ಚತುರ್ಥಿ ಹಬ್ಬದ ನಿಮಿತ್ತ ಶಾಂತಿ ಸಭೆ ನಡೆಸಲಾಯಿತು. ಸಭೆಯಲ್ಲಿ ಮಾತನಾಡಿದ ಪಿಎಸ್ಐ ವಾಲಿಕಾರ, ಸಾರ್ವಜನಿಕ ಗಣೇಶ ಮೂರ್ತಿ ಪ್ರತಿಷ್ಠಾಪಿಸುವ ಮಂಡಳಿಗಳು ಕಡ್ಡಾಯವಾಗಿ ಪೊಲೀಸ್ ಇಲಾಖೆಯಿಂದ ಪರವಾನಗಿ ಪಡೆಯಬೇಕು. ಪರಿಸರ ಸ್ನೇಹಿ ಗಣಪತಿ ಮೂರ್ತಿಗಳನ್ನು ಪ್ರತಿಷ್ಠಾಪಿಸಬೇಕು. ಡಿಜೆ ಬಳಕೆ ನಿಷೇಧಿಸಲಾಗಿದೆ. ಮೆರವಣಿಗೆ ಸಮಯದಲ್ಲಿ ಶಾಂತಿ ಕಾಪಾಡಬೇಕು. ಯಾವುದೇ ಅಹಿತಕರ ಘಟನೆಗಳಿಗೆ ಅವಕಾಶ ನೀಡಬಾರದು. ವಿದ್ಯುತ್ ಸಂಪರ್ಕವನ್ನು ಹೆಸ್ಕಾಂ ಇಲಾಖೆಯಿಂದ ಅನುಮತಿ ಪಡೆದು ಪಡೆದುಕೊಳ್ಳಬೇಕು. ಮಂಡಳಿಗಳು ಸ್ವಯಂ ಸೇವಕರನ್ನು ನೇಮಿಸಿಕೊಳ್ಳಬೇಕು. ನಿಗದಿತ ಸಮಯದೊಳಗೆ ಮೂರ್ತಿ ವಿಸರ್ಜನೆ ಮಾಡಬೇಕು ಎಂದು ಸೂಚಿಸಿದರು. ಪಟ್ಟಣ ಪಂಚಾಯಿತಿ ಮುಖ್ಯಾಧಿಕಾರಿ ಮಾತನಾಡಿ ವಿಸರ್ಜನೆಗೆ ಸೂಕ್ತ ವ್ಯವಸ್ಥೆ ಮಾಡಲಾಗುವುದು ಎಂದರು.
ಪಟ್ಟಣ ಪಂಚಾಯಿತಿ ಸದಸ್ಯರು ಹಾಗೂ ವಿವಿಧ ಗಣೇಶ ಮಂಡಳಿಗಳ ಪದಾಧಿಕಾರಿಗಳು ಸಭೆಯಲ್ಲಿ ಪಾಲ್ಗೊಂಡು ತಮ್ಮ ಅಭಿಪ್ರಾಯ ವ್ಯಕ್ತಪಡಿಸಿದರು. ಹಬ್ಬವನ್ನು ಸೌಹಾರ್ದತೆಯಿಂದ ಆಚರಿಸಲು ಎಲ್ಲರೂ ಸಹಕರಿಸಬೇಕು. ಸಾಮಾಜಿಕ ಜಾಲತಾಣಗಳಲ್ಲಿ ಪ್ರಚೋದನಕಾರಿ ಸಂದೇಶ ಹರಡಿದರೆ ಕಾನೂನು ಕ್ರಮ ಕೈಗೊಳ್ಳಲಾಗುವುದು.
ಪಟ್ಟಣ ಪಂಚಾಯಿತಿ ಅಧ್ಯಕ್ಷರು ಮಾತನಾಡಿ, ಹಬ್ಬದ ಸಂದರ್ಭದಲ್ಲಿ ಸ್ವಚ್ಛತೆ ಹಾಗೂ ಕುಡಿಯುವ ನೀರಿನ ವ್ಯವಸ್ಥೆ ಕಲ್ಪಿಸಲಾಗುವುದು. ವಿಸರ್ಜನಾ ಸ್ಥಳದಲ್ಲಿ ದೀಪದ ವ್ಯವಸ್ಥೆ ಹಾಗೂ ಈಜುಗಾರರ ವ್ಯವಸ್ಥೆ ಮಾಡಲಾಗುವುದು ಎಂದು ತಿಳಿಸಿದರು. ಸಭೆಯಲ್ಲಿ ಪೊಲೀಸ್ ಸಿಬ್ಬಂದಿ, ಹೆಸ್ಕಾಂ ಅಧಿಕಾರಿಗಳು, ವಿವಿಧ ಸಮಾಜದ ಮುಖಂಡರು ಹಾಗೂ ಗಣೇಶ ಮಂಡಳಿಗಳ ಸದಸ್ಯರು ಉಪಸ್ಥಿತರಿದ್ದರು.
